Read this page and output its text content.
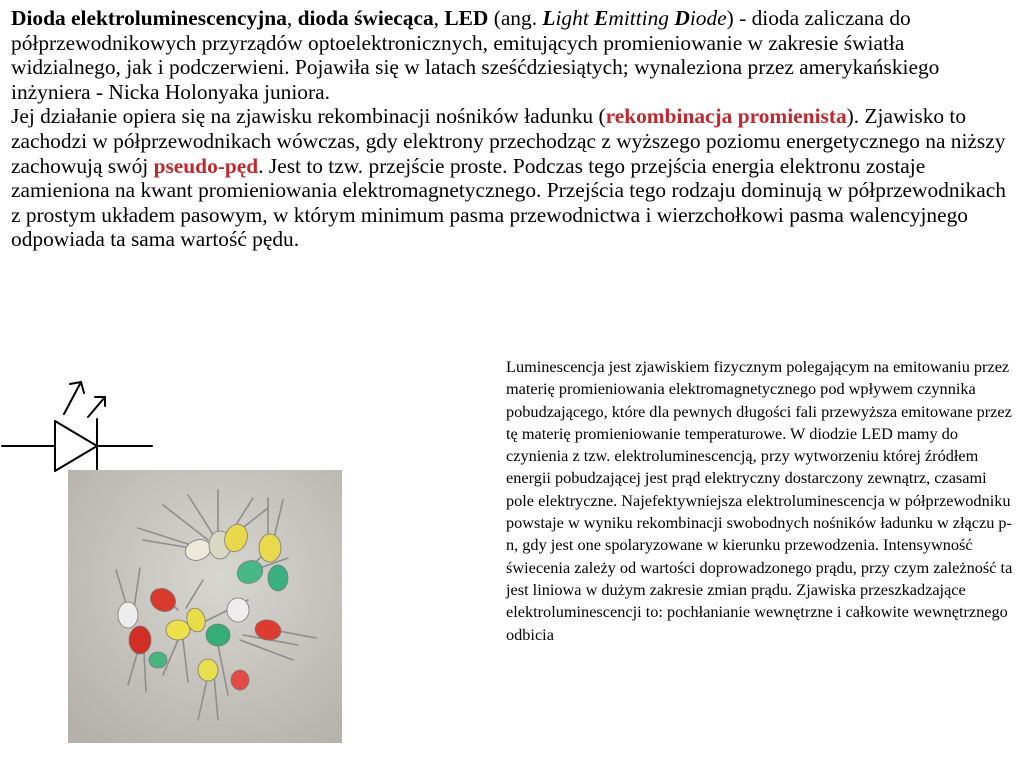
Dioda elektroluminescencyjna, dioda świecąca, LED (ang. Light Emitting Diode) - dioda zaliczana do półprzewodnikowych przyrządów optoelektronicznych, emitujących promieniowanie w zakresie światła widzialnego, jak i podczerwieni. Pojawiła się w latach sześćdziesiątych; wynaleziona przez amerykańskiego inżyniera - Nicka Holonyaka juniora.
Jej działanie opiera się na zjawisku rekombinacji nośników ładunku (rekombinacja promienista). Zjawisko to zachodzi w półprzewodnikach wówczas, gdy elektrony przechodząc z wyższego poziomu energetycznego na niższy zachowują swój pseudo-pęd. Jest to tzw. przejście proste. Podczas tego przejścia energia elektronu zostaje zamieniona na kwant promieniowania elektromagnetycznego. Przejścia tego rodzaju dominują w półprzewodnikach z prostym układem pasowym, w którym minimum pasma przewodnictwa i wierzchołkowi pasma walencyjnego odpowiada ta sama wartość pędu.

Luminescencja jest zjawiskiem fizycznym polegającym na emitowaniu przez materię promieniowania elektromagnetycznego pod wpływem czynnika pobudzającego, które dla pewnych długości fali przewyższa emitowane przez tę materię promieniowanie temperaturowe. W diodzie LED mamy do czynienia z tzw. elektroluminescencją, przy wytworzeniu której źródłem energii pobudzającej jest prąd elektryczny dostarczony zewnątrz, czasami pole elektryczne. Najefektywniejsza elektroluminescencja w półprzewodniku powstaje w wyniku rekombinacji swobodnych nośników ładunku w złączu p-n, gdy jest one spolaryzowane w kierunku przewodzenia. Intensywność świecenia zależy od wartości doprowadzonego prądu, przy czym zależność ta jest liniowa w dużym zakresie zmian prądu. Zjawiska przeszkadzające elektroluminescencji to: pochłanianie wewnętrzne i całkowite wewnętrznego odbicia
